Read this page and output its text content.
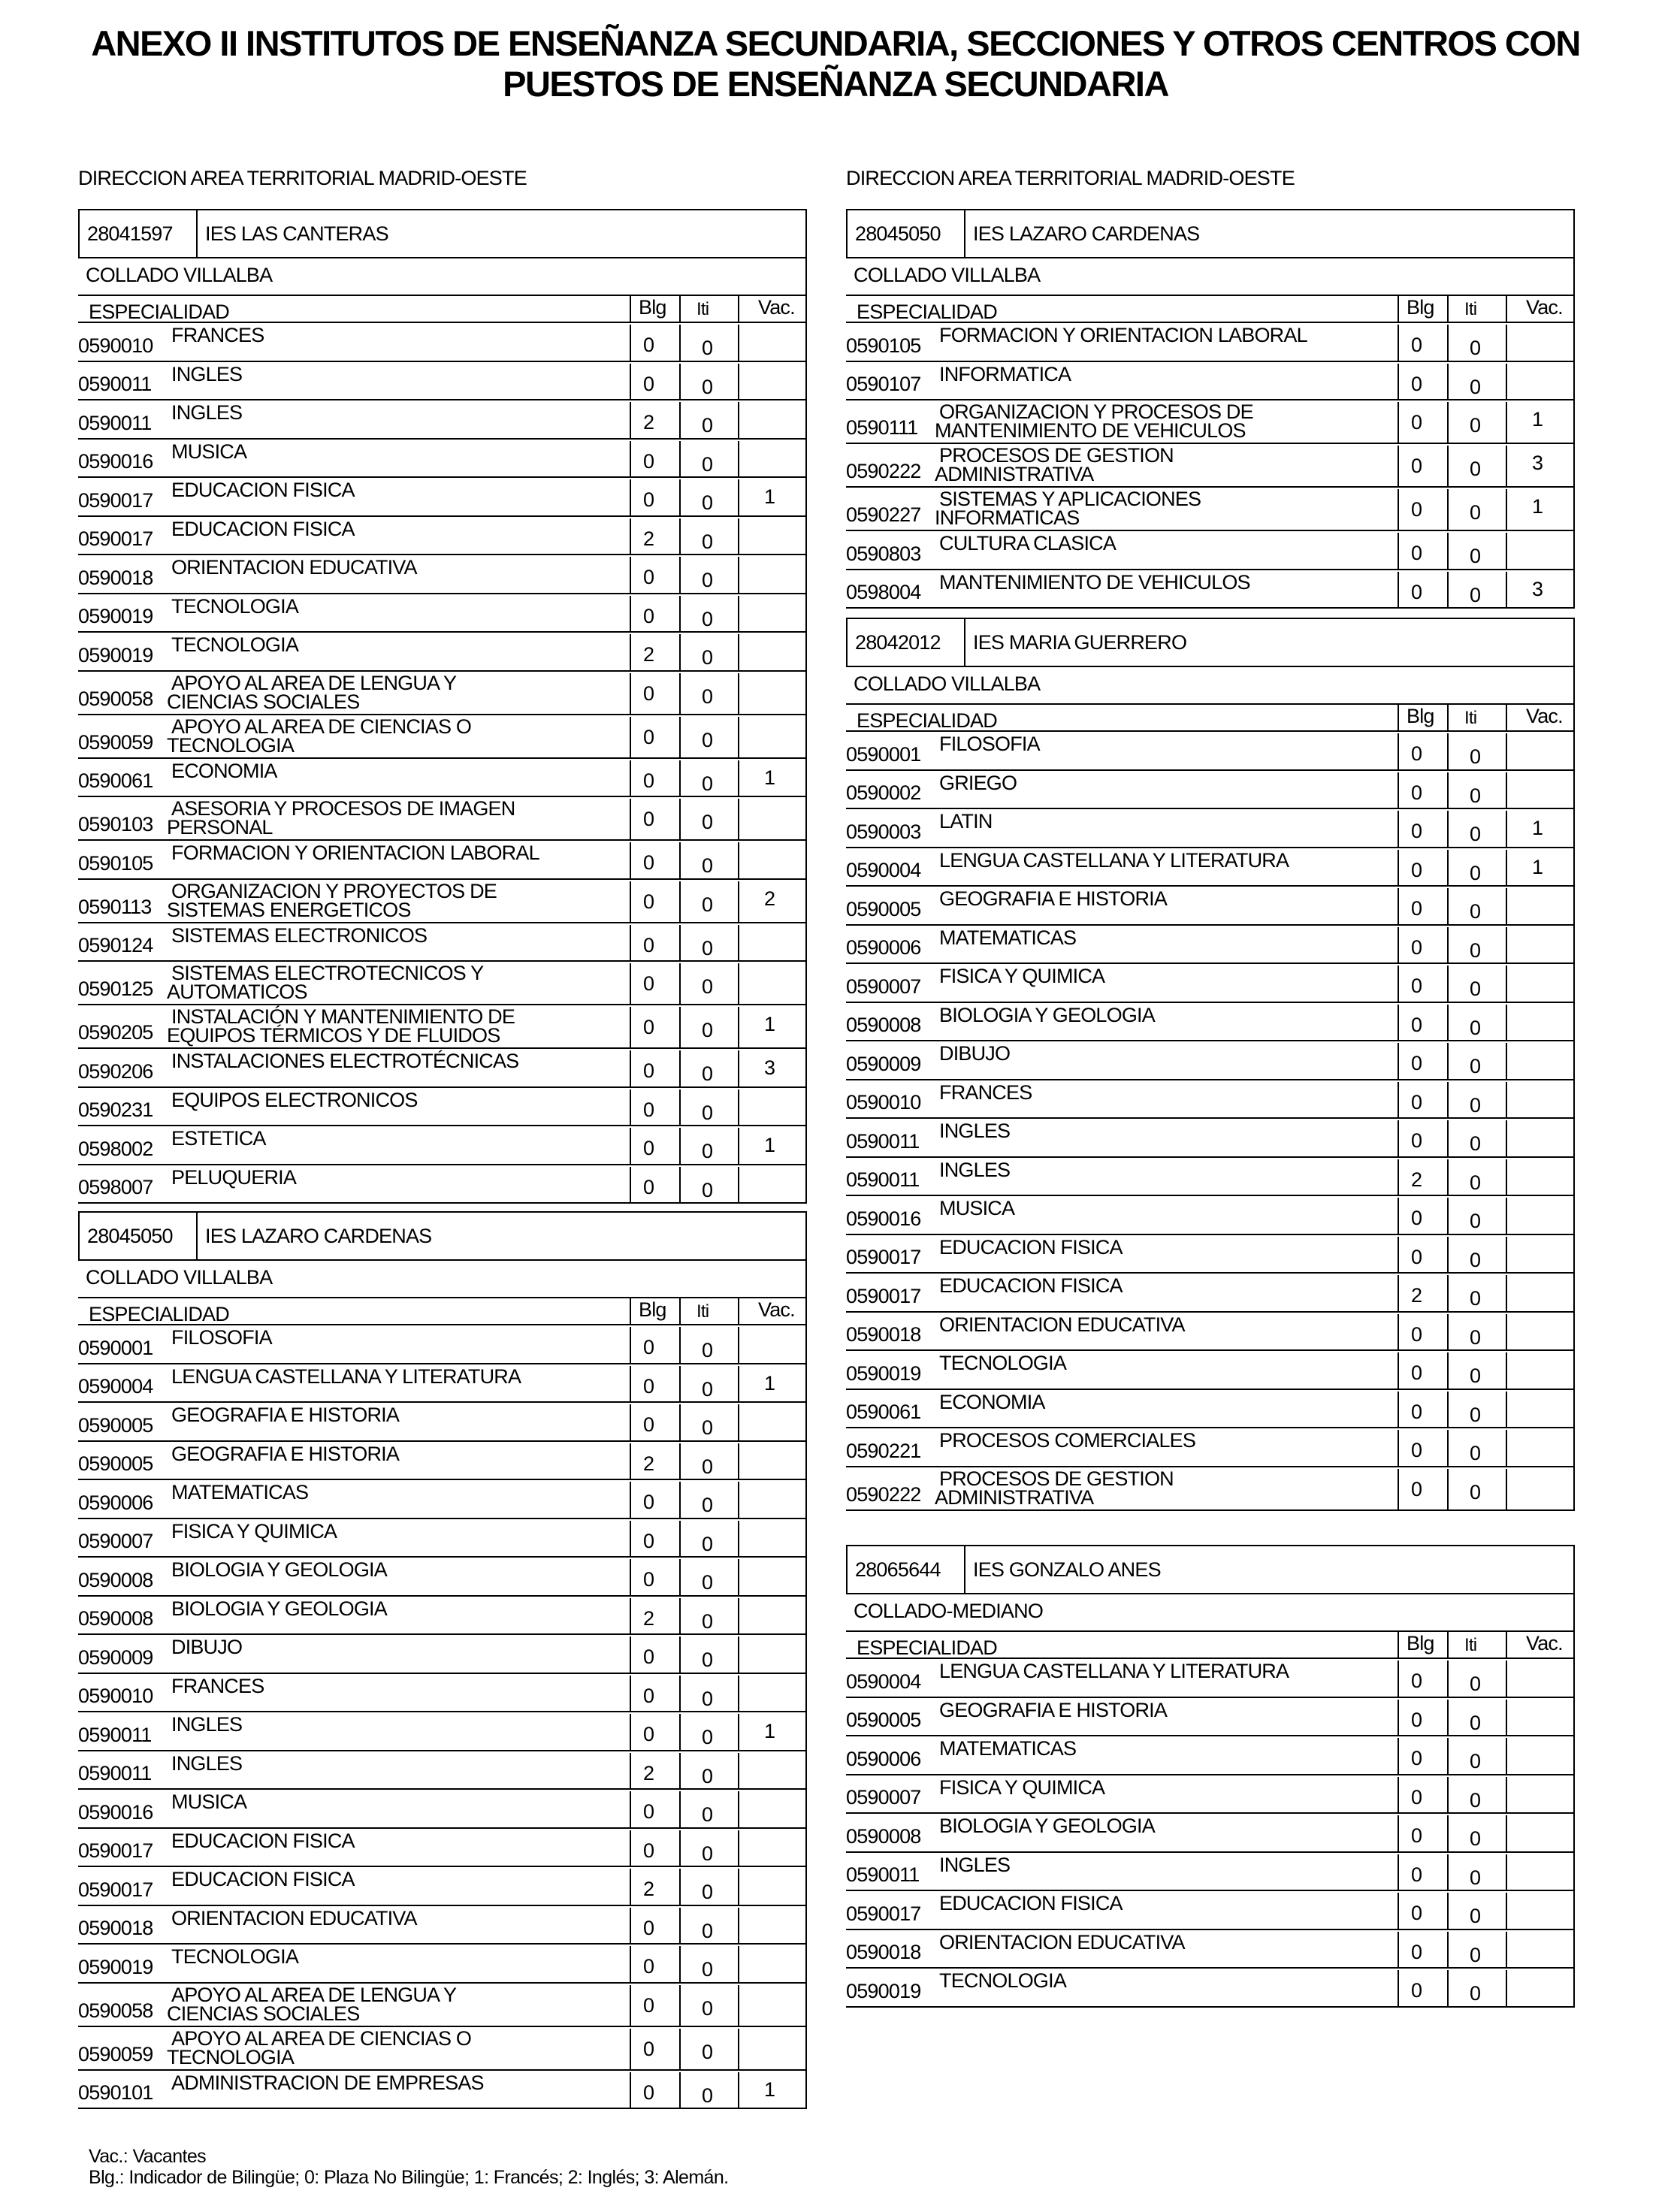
ANEXO II INSTITUTOS DE ENSEÑANZA SECUNDARIA, SECCIONES Y OTROS CENTROS CON
PUESTOS DE ENSEÑANZA SECUNDARIA
DIRECCION AREA TERRITORIAL MADRID-OESTE
28041597 IES LAS CANTERAS
COLLADO VILLALBA
ESPECIALIDAD	Blg Iti Vac.
0590010 FRANCES	0 0
0590011 INGLES	0 0
0590011 INGLES	2 0
0590016 MUSICA	0 0
0590017 EDUCACION FISICA	0 0	1
0590017 EDUCACION FISICA	2 0
0590018 ORIENTACION EDUCATIVA	0 0
0590019 TECNOLOGIA	0 0
0590019 TECNOLOGIA	2 0
0590058
APOYO AL AREA DE LENGUA Y
CIENCIAS SOCIALES	0 0
0590059
APOYO AL AREA DE CIENCIAS O
TECNOLOGIA	0 0
0590061 ECONOMIA	0 0	1
0590103
ASESORIA Y PROCESOS DE IMAGEN
PERSONAL	0 0
0590105 FORMACION Y ORIENTACION LABORAL	0 0
0590113
ORGANIZACION Y PROYECTOS DE
SISTEMAS ENERGETICOS	0 0	2
0590124 SISTEMAS ELECTRONICOS	0 0
0590125
SISTEMAS ELECTROTECNICOS Y
AUTOMATICOS	0 0
0590205
INSTALACIÓN Y MANTENIMIENTO DE
EQUIPOS TÉRMICOS Y DE FLUIDOS	0 0	1
0590206 INSTALACIONES ELECTROTÉCNICAS	0 0	3
0590231 EQUIPOS ELECTRONICOS	0 0
0598002 ESTETICA	0 0	1
0598007 PELUQUERIA	0 0
28045050 IES LAZARO CARDENAS
COLLADO VILLALBA
ESPECIALIDAD	Blg Iti Vac.
0590001 FILOSOFIA	0 0
0590004 LENGUA CASTELLANA Y LITERATURA	0 0	1
0590005 GEOGRAFIA E HISTORIA	0 0
0590005 GEOGRAFIA E HISTORIA	2 0
0590006 MATEMATICAS	0 0
0590007 FISICA Y QUIMICA	0 0
0590008 BIOLOGIA Y GEOLOGIA	0 0
0590008 BIOLOGIA Y GEOLOGIA	2 0
0590009 DIBUJO	0 0
0590010 FRANCES	0 0
0590011 INGLES	0 0	1
0590011 INGLES	2 0
0590016 MUSICA	0 0
0590017 EDUCACION FISICA	0 0
0590017 EDUCACION FISICA	2 0
0590018 ORIENTACION EDUCATIVA	0 0
0590019 TECNOLOGIA	0 0
0590058
APOYO AL AREA DE LENGUA Y
CIENCIAS SOCIALES	0 0
0590059
APOYO AL AREA DE CIENCIAS O
TECNOLOGIA	0 0
0590101 ADMINISTRACION DE EMPRESAS	0 0	1
DIRECCION AREA TERRITORIAL MADRID-OESTE
28045050 IES LAZARO CARDENAS
COLLADO VILLALBA
ESPECIALIDAD	Blg Iti Vac.
0590105 FORMACION Y ORIENTACION LABORAL	0 0
0590107 INFORMATICA	0 0
0590111
ORGANIZACION Y PROCESOS DE
MANTENIMIENTO DE VEHICULOS	0 0	1
0590222
PROCESOS DE GESTION
ADMINISTRATIVA	0 0	3
0590227
SISTEMAS Y APLICACIONES
INFORMATICAS	0 0	1
0590803 CULTURA CLASICA	0 0
0598004 MANTENIMIENTO DE VEHICULOS	0 0	3
28042012 IES MARIA GUERRERO
COLLADO VILLALBA
ESPECIALIDAD	Blg Iti Vac.
0590001 FILOSOFIA	0 0
0590002 GRIEGO	0 0
0590003 LATIN	0 0	1
0590004 LENGUA CASTELLANA Y LITERATURA	0 0	1
0590005 GEOGRAFIA E HISTORIA	0 0
0590006 MATEMATICAS	0 0
0590007 FISICA Y QUIMICA	0 0
0590008 BIOLOGIA Y GEOLOGIA	0 0
0590009 DIBUJO	0 0
0590010 FRANCES	0 0
0590011 INGLES	0 0
0590011 INGLES	2 0
0590016 MUSICA	0 0
0590017 EDUCACION FISICA	0 0
0590017 EDUCACION FISICA	2 0
0590018 ORIENTACION EDUCATIVA	0 0
0590019 TECNOLOGIA	0 0
0590061 ECONOMIA	0 0
0590221 PROCESOS COMERCIALES	0 0
0590222
PROCESOS DE GESTION
ADMINISTRATIVA	0 0
28065644 IES GONZALO ANES
COLLADO-MEDIANO
ESPECIALIDAD	Blg Iti Vac.
0590004 LENGUA CASTELLANA Y LITERATURA	0 0
0590005 GEOGRAFIA E HISTORIA	0 0
0590006 MATEMATICAS	0 0
0590007 FISICA Y QUIMICA	0 0
0590008 BIOLOGIA Y GEOLOGIA	0 0
0590011 INGLES	0 0
0590017 EDUCACION FISICA	0 0
0590018 ORIENTACION EDUCATIVA	0 0
0590019 TECNOLOGIA	0 0
Vac.: Vacantes
Blg.: Indicador de Bilingüe; 0: Plaza No Bilingüe; 1: Francés; 2: Inglés; 3: Alemán.
